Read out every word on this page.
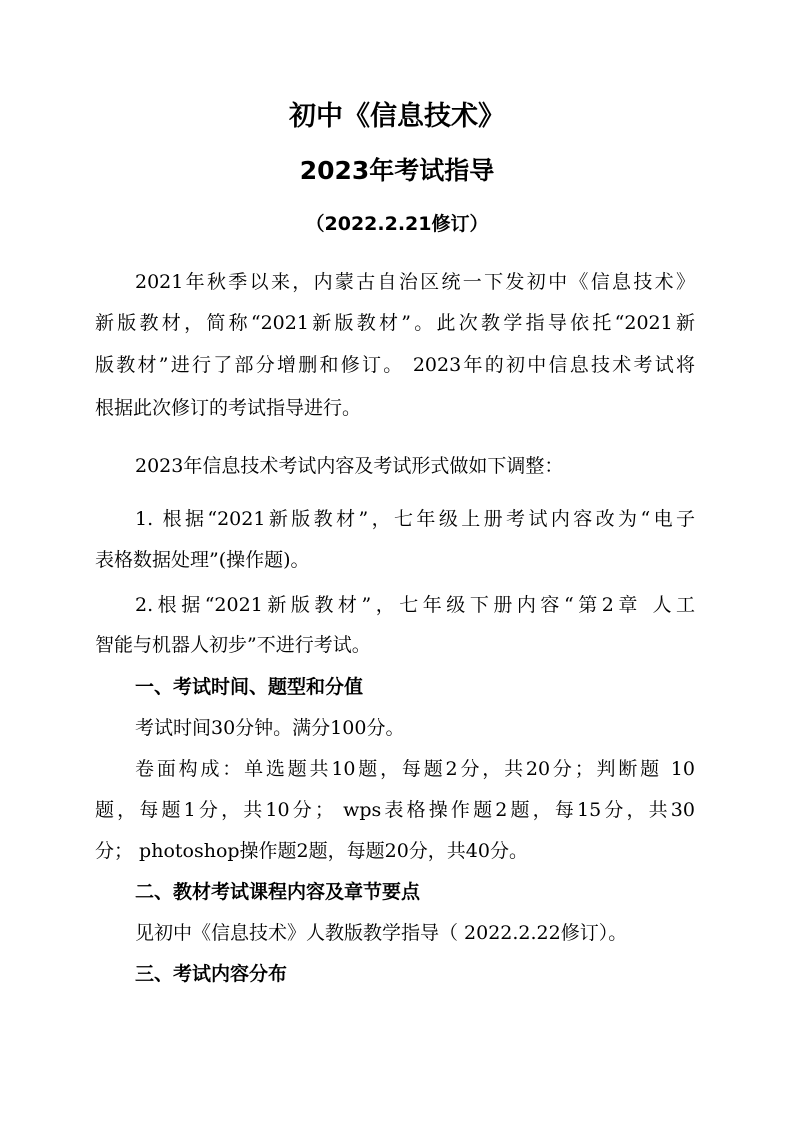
初中《信息技术》
2023年考试指导

（2022.2.21修订）

2021年秋季以来，内蒙古自治区统一下发初中《信息技术》

新版教材，简称“2021新版教材”。此次教学指导依托“2021新

版教材”进行了部分增删和修订。 2023年的初中信息技术考试将

根据此次修订的考试指导进行。

2023年信息技术考试内容及考试形式做如下调整：

1. 根据“2021新版教材”，七年级上册考试内容改为“电子

表格数据处理”(操作题)。

2.根据“2021新版教材”，七年级下册内容“第2章 人工

智能与机器人初步”不进行考试。

一、考试时间、题型和分值

考试时间30分钟。满分100分。

卷面构成：单选题共10题，每题2分，共20分；判断题 10

题，每题1分，共10分； wps表格操作题2题，每15分，共30

分； photoshop操作题2题，每题20分，共40分。

二、教材考试课程内容及章节要点

见初中《信息技术》人教版教学指导（ 2022.2.22修订）。

三、考试内容分布
